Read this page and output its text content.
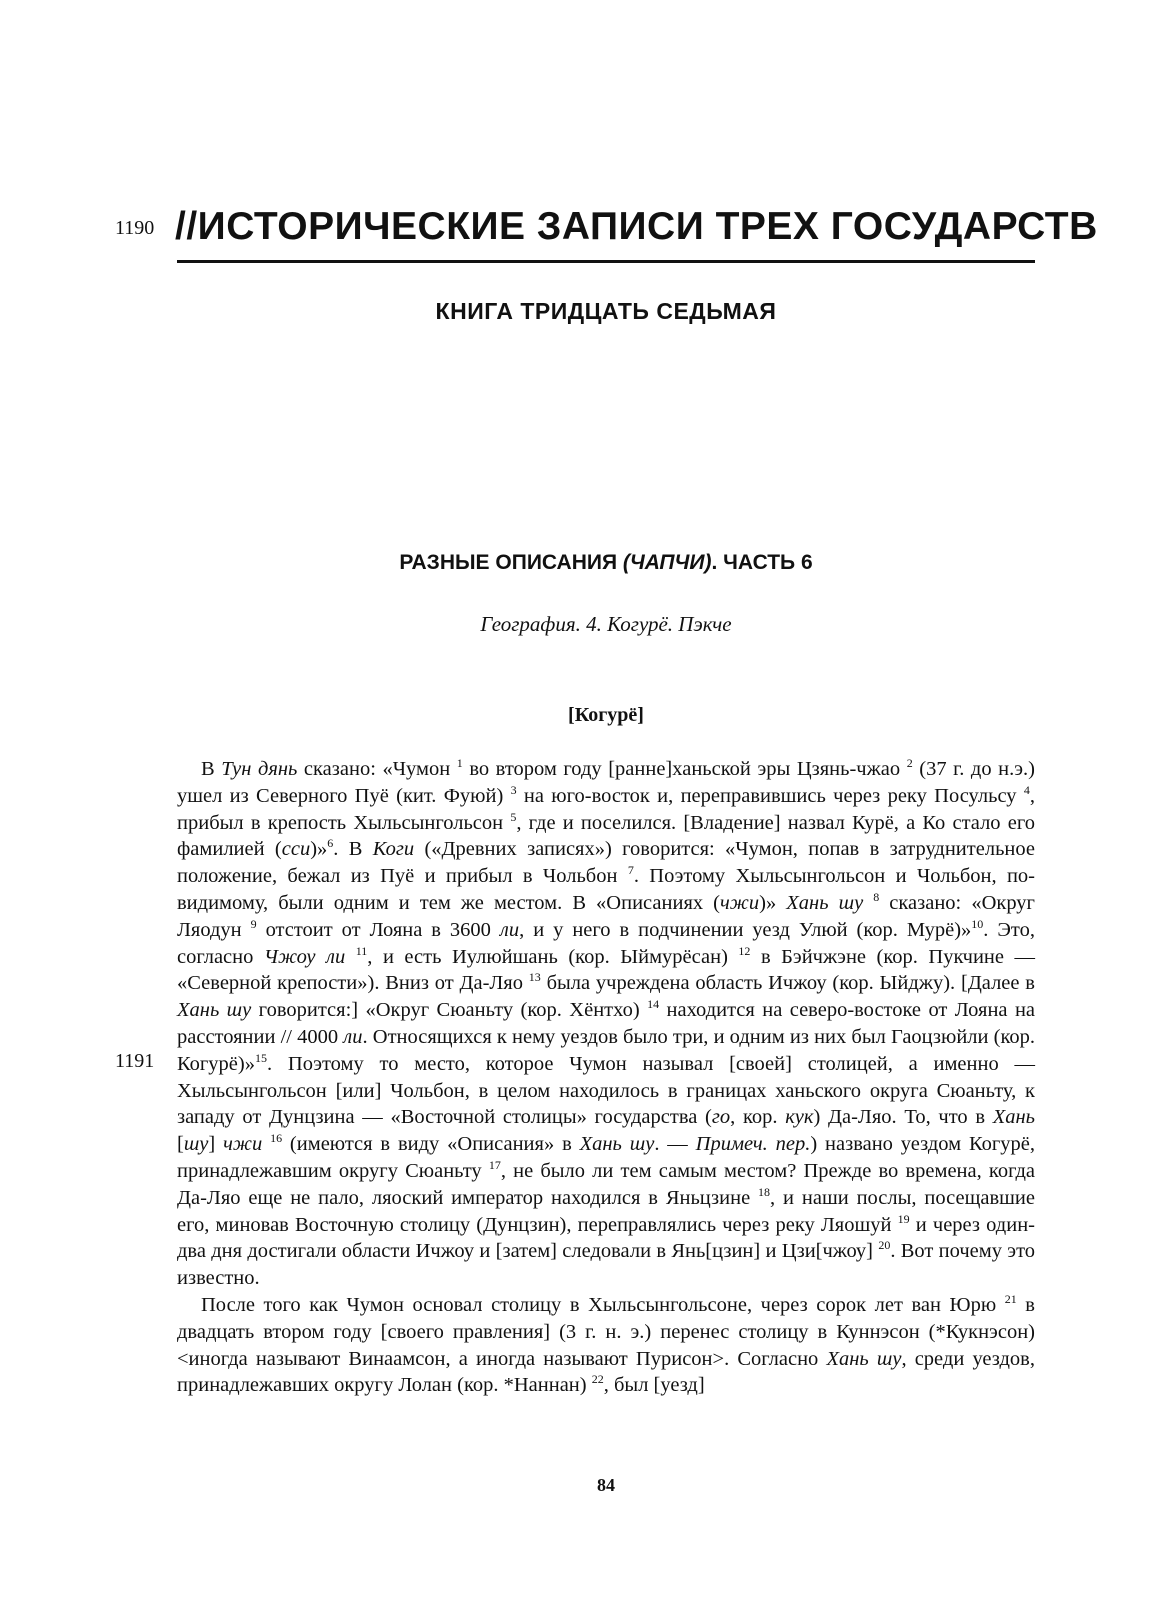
1190 //ИСТОРИЧЕСКИЕ ЗАПИСИ ТРЕХ ГОСУДАРСТВ
КНИГА ТРИДЦАТЬ СЕДЬМАЯ
РАЗНЫЕ ОПИСАНИЯ (ЧАПЧИ). ЧАСТЬ 6
География. 4. Когурё. Пэкче
[Когурё]

В Тун дянь сказано: «Чумон $^1$ во втором году [ранне]ханьской эры Цзянь-чжао $^2$ (37 г. до н.э.) ушел из Северного Пуё (кит. Фуюй) $^3$ на юго-восток и, переправившись через реку Посульсу $^4$, прибыл в крепость Хыльсынгольсон $^5$, где и поселился. [Владение] назвал Курё, а Ко стало его фамилией (сси)»$^6$. В Коги («Древних записях») говорится: «Чумон, попав в затруднительное положение, бежал из Пуё и прибыл в Чольбон $^7$. Поэтому Хыльсынгольсон и Чольбон, по-видимому, были одним и тем же местом. В «Описаниях (чжи)» Хань шу $^8$ сказано: «Округ Ляодун $^9$ отстоит от Лояна в 3600 ли, и у него в подчинении уезд Улюй (кор. Мурё)»$^{10}$. Это, согласно Чжоу ли $^{11}$, и есть Иулюйшань (кор. Ыймурёсан) $^{12}$ в Бэйчжэне (кор. Пукчине — «Северной крепости»). Вниз от Да-Ляо $^{13}$ была учреждена область Ичжоу (кор. Ыйджу). [Далее в Хань шу говорится:] «Округ Сюаньту (кор. Хёнтхо) $^{14}$ находится на северо-востоке от Лояна на расстоянии // 4000 ли. Относящихся к нему уездов было три, и одним из них был Гаоцзюйли (кор. Когурё)»$^{15}$. Поэтому то место, которое Чумон называл [своей] столицей, а именно — Хыльсынгольсон [или] Чольбон, в целом находилось в границах ханьского округа Сюаньту, к западу от Дунцзина — «Восточной столицы» государства (го, кор. кук) Да-Ляо. То, что в Хань [шу] чжи $^{16}$ (имеются в виду «Описания» в Хань шу. — Примеч. пер.) названо уездом Когурё, принадлежавшим округу Сюаньту $^{17}$, не было ли тем самым местом? Прежде во времена, когда Да-Ляо еще не пало, ляоский император находился в Яньцзине $^{18}$, и наши послы, посещавшие его, миновав Восточную столицу (Дунцзин), переправлялись через реку Ляошуй $^{19}$ и через один-два дня достигали области Ичжоу и [затем] следовали в Янь[цзин] и Цзи[чжоу] $^{20}$. Вот почему это известно.

После того как Чумон основал столицу в Хыльсынгольсоне, через сорок лет ван Юрю $^{21}$ в двадцать втором году [своего правления] (3 г. н. э.) перенес столицу в Куннэсон (*Кукнэсон) <иногда называют Винаамсон, а иногда называют Пурисон>. Согласно Хань шу, среди уездов, принадлежавших округу Лолан (кор. *Наннан) $^{22}$, был [уезд]

1191
84
